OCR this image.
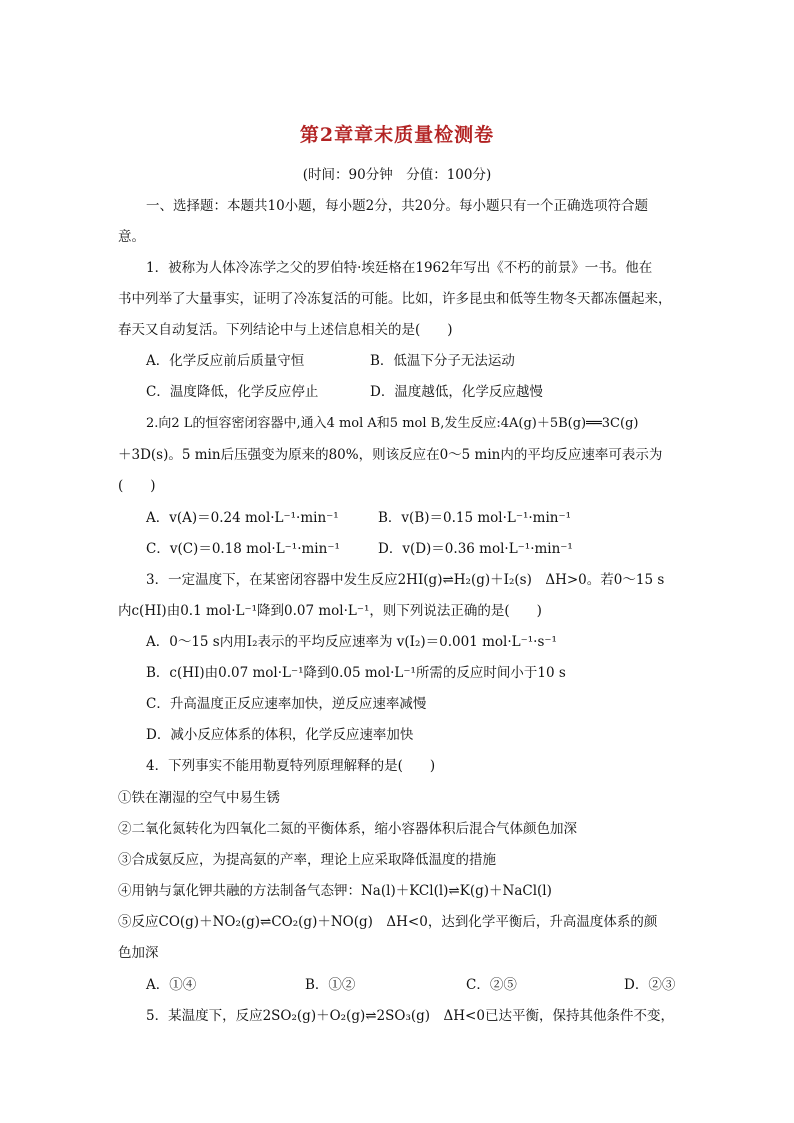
第2章章末质量检测卷
(时间：90分钟　分值：100分)
一、选择题：本题共10小题，每小题2分，共20分。每小题只有一个正确选项符合题
意。
1．被称为人体冷冻学之父的罗伯特·埃廷格在1962年写出《不朽的前景》一书。他在
书中列举了大量事实，证明了冷冻复活的可能。比如，许多昆虫和低等生物冬天都冻僵起来，
春天又自动复活。下列结论中与上述信息相关的是(　　)
A．化学反应前后质量守恒	B．低温下分子无法运动
C．温度降低，化学反应停止	D．温度越低，化学反应越慢
2.向2 L的恒容密闭容器中,通入4 mol A和5 mol B,发生反应:4A(g)＋5B(g)══3C(g)
＋3D(s)。5 min后压强变为原来的80%，则该反应在0～5 min内的平均反应速率可表示为
(　　)
A．v(A)＝0.24 mol·L⁻¹·min⁻¹	B．v(B)＝0.15 mol·L⁻¹·min⁻¹
C．v(C)＝0.18 mol·L⁻¹·min⁻¹	D．v(D)＝0.36 mol·L⁻¹·min⁻¹
3．一定温度下，在某密闭容器中发生反应2HI(g)⇌H₂(g)＋I₂(s)　ΔH>0。若0～15 s
内c(HI)由0.1 mol·L⁻¹降到0.07 mol·L⁻¹，则下列说法正确的是(　　)
A．0～15 s内用I₂表示的平均反应速率为 v(I₂)＝0.001 mol·L⁻¹·s⁻¹
B．c(HI)由0.07 mol·L⁻¹降到0.05 mol·L⁻¹所需的反应时间小于10 s
C．升高温度正反应速率加快，逆反应速率减慢
D．减小反应体系的体积，化学反应速率加快
4．下列事实不能用勒夏特列原理解释的是(　　)
①铁在潮湿的空气中易生锈
②二氧化氮转化为四氧化二氮的平衡体系，缩小容器体积后混合气体颜色加深
③合成氨反应，为提高氨的产率，理论上应采取降低温度的措施
④用钠与氯化钾共融的方法制备气态钾：Na(l)＋KCl(l)⇌K(g)＋NaCl(l)
⑤反应CO(g)＋NO₂(g)⇌CO₂(g)＋NO(g)　ΔH<0，达到化学平衡后，升高温度体系的颜
色加深
A．①④	B．①②	C．②⑤	D．②③
5．某温度下，反应2SO₂(g)＋O₂(g)⇌2SO₃(g)　ΔH<0已达平衡，保持其他条件不变，
